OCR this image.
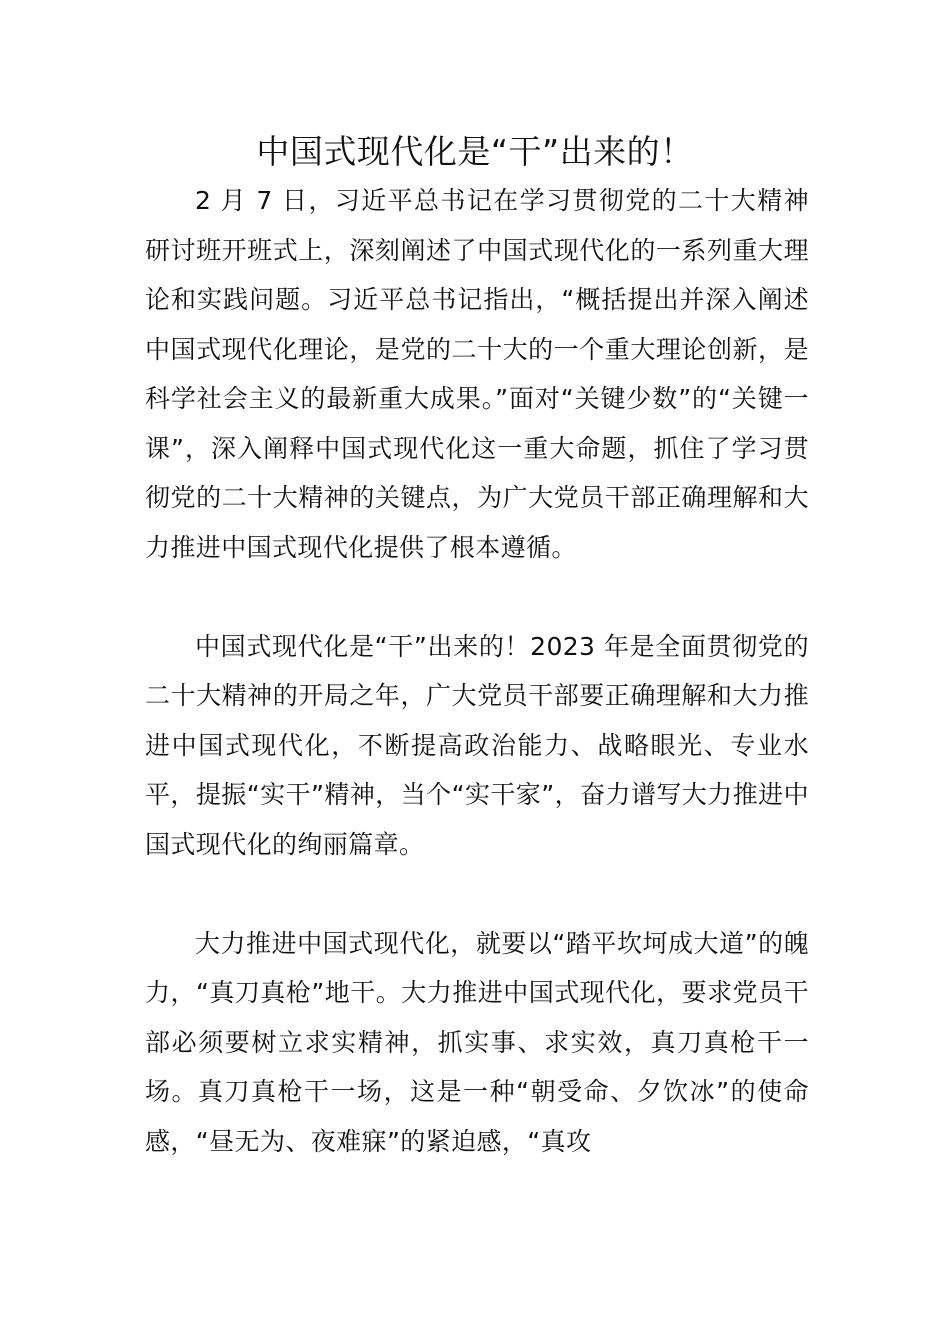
中国式现代化是“干”出来的！

2 月 7 日，习近平总书记在学习贯彻党的二十大精神研讨班开班式上，深刻阐述了中国式现代化的一系列重大理论和实践问题。习近平总书记指出，“概括提出并深入阐述中国式现代化理论，是党的二十大的一个重大理论创新，是科学社会主义的最新重大成果。”面对“关键少数”的“关键一课”，深入阐释中国式现代化这一重大命题，抓住了学习贯彻党的二十大精神的关键点，为广大党员干部正确理解和大力推进中国式现代化提供了根本遵循。

中国式现代化是“干”出来的！2023 年是全面贯彻党的二十大精神的开局之年，广大党员干部要正确理解和大力推进中国式现代化，不断提高政治能力、战略眼光、专业水平，提振“实干”精神，当个“实干家”，奋力谱写大力推进中国式现代化的绚丽篇章。

大力推进中国式现代化，就要以“踏平坎坷成大道”的魄力，“真刀真枪”地干。大力推进中国式现代化，要求党员干部必须要树立求实精神，抓实事、求实效，真刀真枪干一场。真刀真枪干一场，这是一种“朝受命、夕饮冰”的使命感，“昼无为、夜难寐”的紧迫感，“真攻
